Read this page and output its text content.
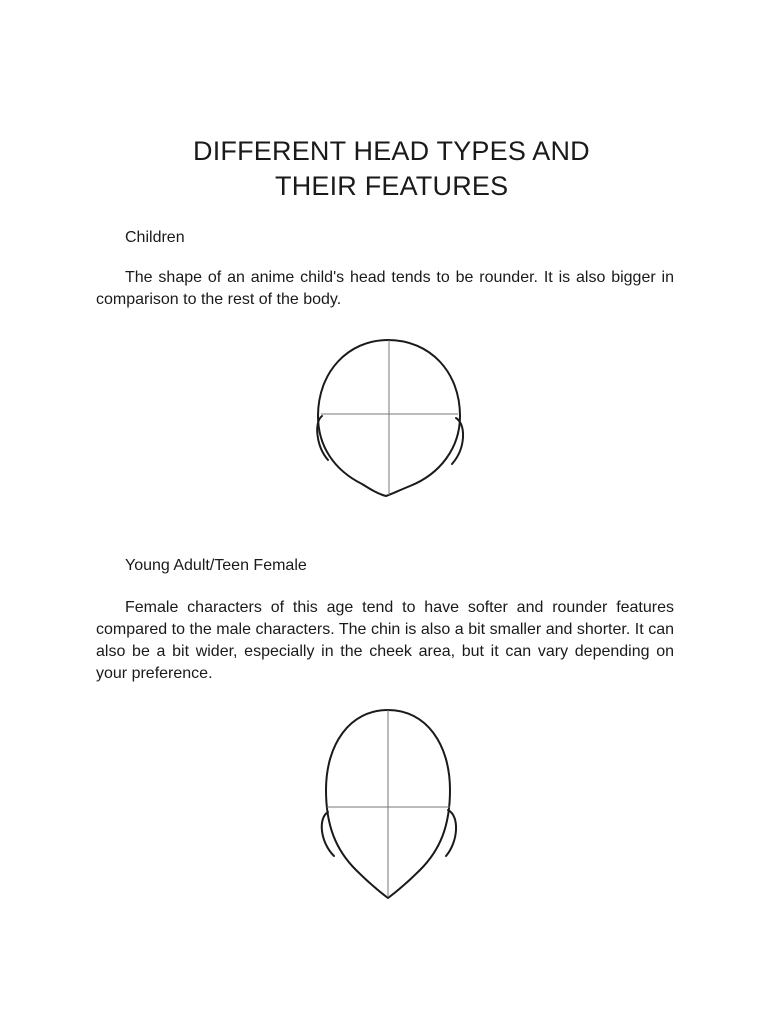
DIFFERENT HEAD TYPES AND
THEIR FEATURES

Children

The shape of an anime child's head tends to be rounder. It is also bigger in comparison to the rest of the body.

Young Adult/Teen Female

Female characters of this age tend to have softer and rounder features compared to the male characters. The chin is also a bit smaller and shorter. It can also be a bit wider, especially in the cheek area, but it can vary depending on your preference.
